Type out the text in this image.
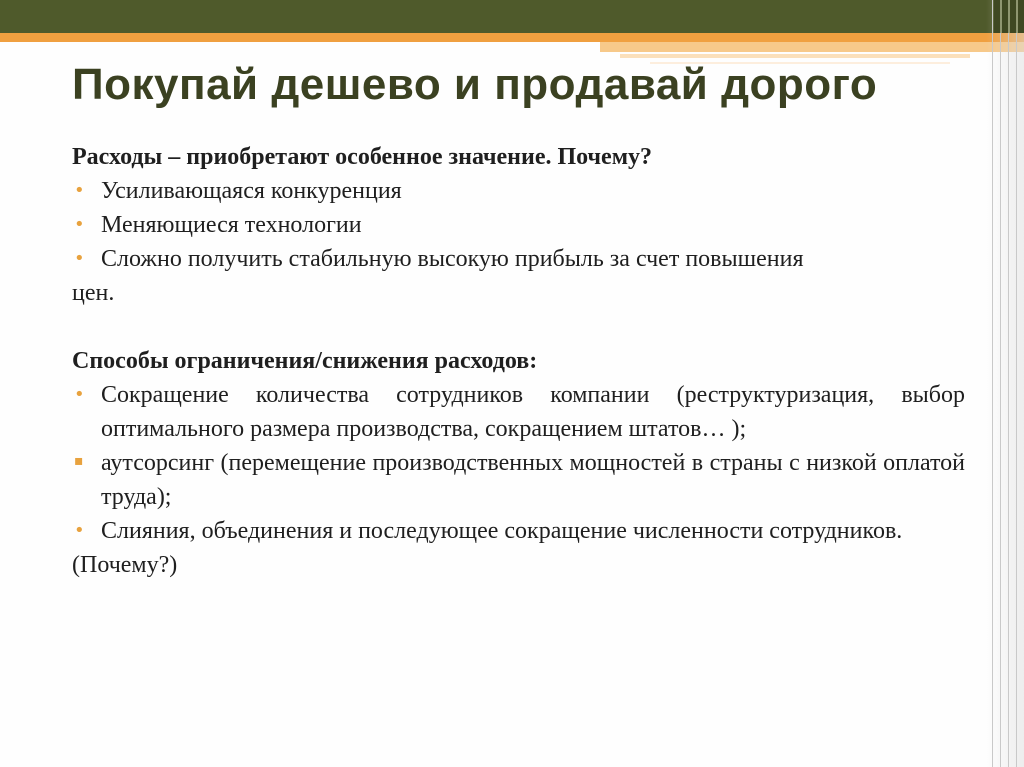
Покупай дешево и продавай дорого

Расходы – приобретают особенное значение. Почему?

• Усиливающаяся конкуренция

• Меняющиеся технологии

• Сложно получить стабильную высокую прибыль за счет повышения

цен.

Способы ограничения/снижения расходов:

• Сокращение количества сотрудников компании (реструктуризация, выбор оптимального размера производства, сокращением штатов… );

▪ аутсорсинг (перемещение производственных мощностей в страны с низкой оплатой труда);

• Слияния, объединения и последующее сокращение численности сотрудников.

(Почему?)
